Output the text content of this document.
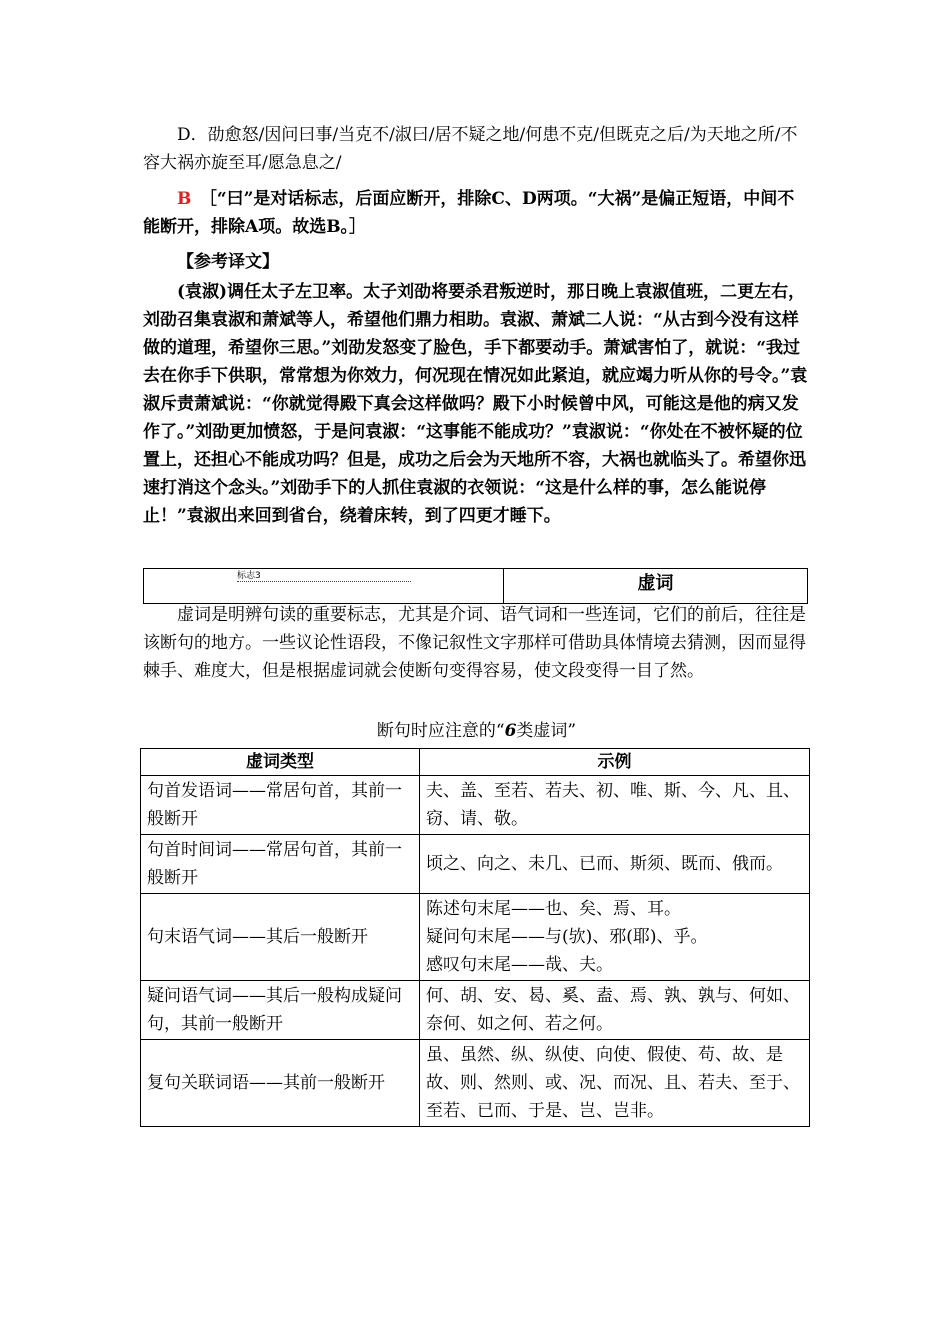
D．劭愈怒/因问曰事/当克不/淑曰/居不疑之地/何患不克/但既克之后/为天地之所/不容大祸亦旋至耳/愿急息之/

B　 ［“曰”是对话标志，后面应断开，排除C、D两项。“大祸”是偏正短语，中间不能断开，排除A项。故选B。］

【参考译文】

(袁淑)调任太子左卫率。太子刘劭将要杀君叛逆时，那日晚上袁淑值班，二更左右，刘劭召集袁淑和萧斌等人，希望他们鼎力相助。袁淑、萧斌二人说：“从古到今没有这样做的道理，希望你三思。”刘劭发怒变了脸色，手下都要动手。萧斌害怕了，就说：“我过去在你手下供职，常常想为你效力，何况现在情况如此紧迫，就应竭力听从你的号令。”袁淑斥责萧斌说：“你就觉得殿下真会这样做吗？殿下小时候曾中风，可能这是他的病又发作了。”刘劭更加愤怒，于是问袁淑：“这事能不能成功？”袁淑说：“你处在不被怀疑的位置上，还担心不能成功吗？但是，成功之后会为天地所不容，大祸也就临头了。希望你迅速打消这个念头。”刘劭手下的人抓住袁淑的衣领说：“这是什么样的事，怎么能说停止！”袁淑出来回到省台，绕着床转，到了四更才睡下。

标志3	虚词

虚词是明辨句读的重要标志，尤其是介词、语气词和一些连词，它们的前后，往往是该断句的地方。一些议论性语段，不像记叙性文字那样可借助具体情境去猜测，因而显得棘手、难度大，但是根据虚词就会使断句变得容易，使文段变得一目了然。

断句时应注意的“6类虚词”
虚词类型	示例
句首发语词——常居句首，其前一般断开	夫、盖、至若、若夫、初、唯、斯、今、凡、且、窃、请、敬。

句首时间词——常居句首，其前一般断开	顷之、向之、未几、已而、斯须、既而、俄而。

句末语气词——其后一般断开	陈述句末尾——也、矣、焉、耳。
疑问句末尾——与(欤)、邪(耶)、乎。
感叹句末尾——哉、夫。

疑问语气词——其后一般构成疑问句，其前一般断开	何、胡、安、曷、奚、盍、焉、孰、孰与、何如、奈何、如之何、若之何。

复句关联词语——其前一般断开	虽、虽然、纵、纵使、向使、假使、苟、故、是故、则、然则、或、况、而况、且、若夫、至于、至若、已而、于是、岂、岂非。
